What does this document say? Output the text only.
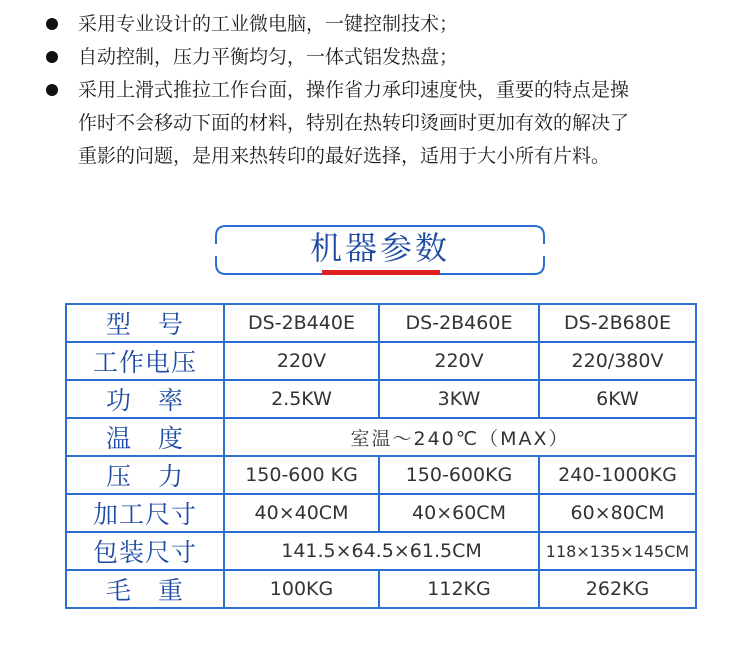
采用专业设计的工业微电脑，一键控制技术；
自动控制，压力平衡均匀，一体式铝发热盘；
采用上滑式推拉工作台面，操作省力承印速度快，重要的特点是操
作时不会移动下面的材料，特别在热转印烫画时更加有效的解决了
重影的问题，是用来热转印的最好选择，适用于大小所有片料。
机器参数
型　号	DS-2B440E	DS-2B460E	DS-2B680E
工作电压	220V	220V	220/380V
功　率	2.5KW	3KW	6KW
温　度	室温～240℃（MAX）		
压　力	150-600 KG	150-600KG	240-1000KG
加工尺寸	40×40CM	40×60CM	60×80CM
包装尺寸	141.5×64.5×61.5CM		118×135×145CM
毛　重	100KG	112KG	262KG
